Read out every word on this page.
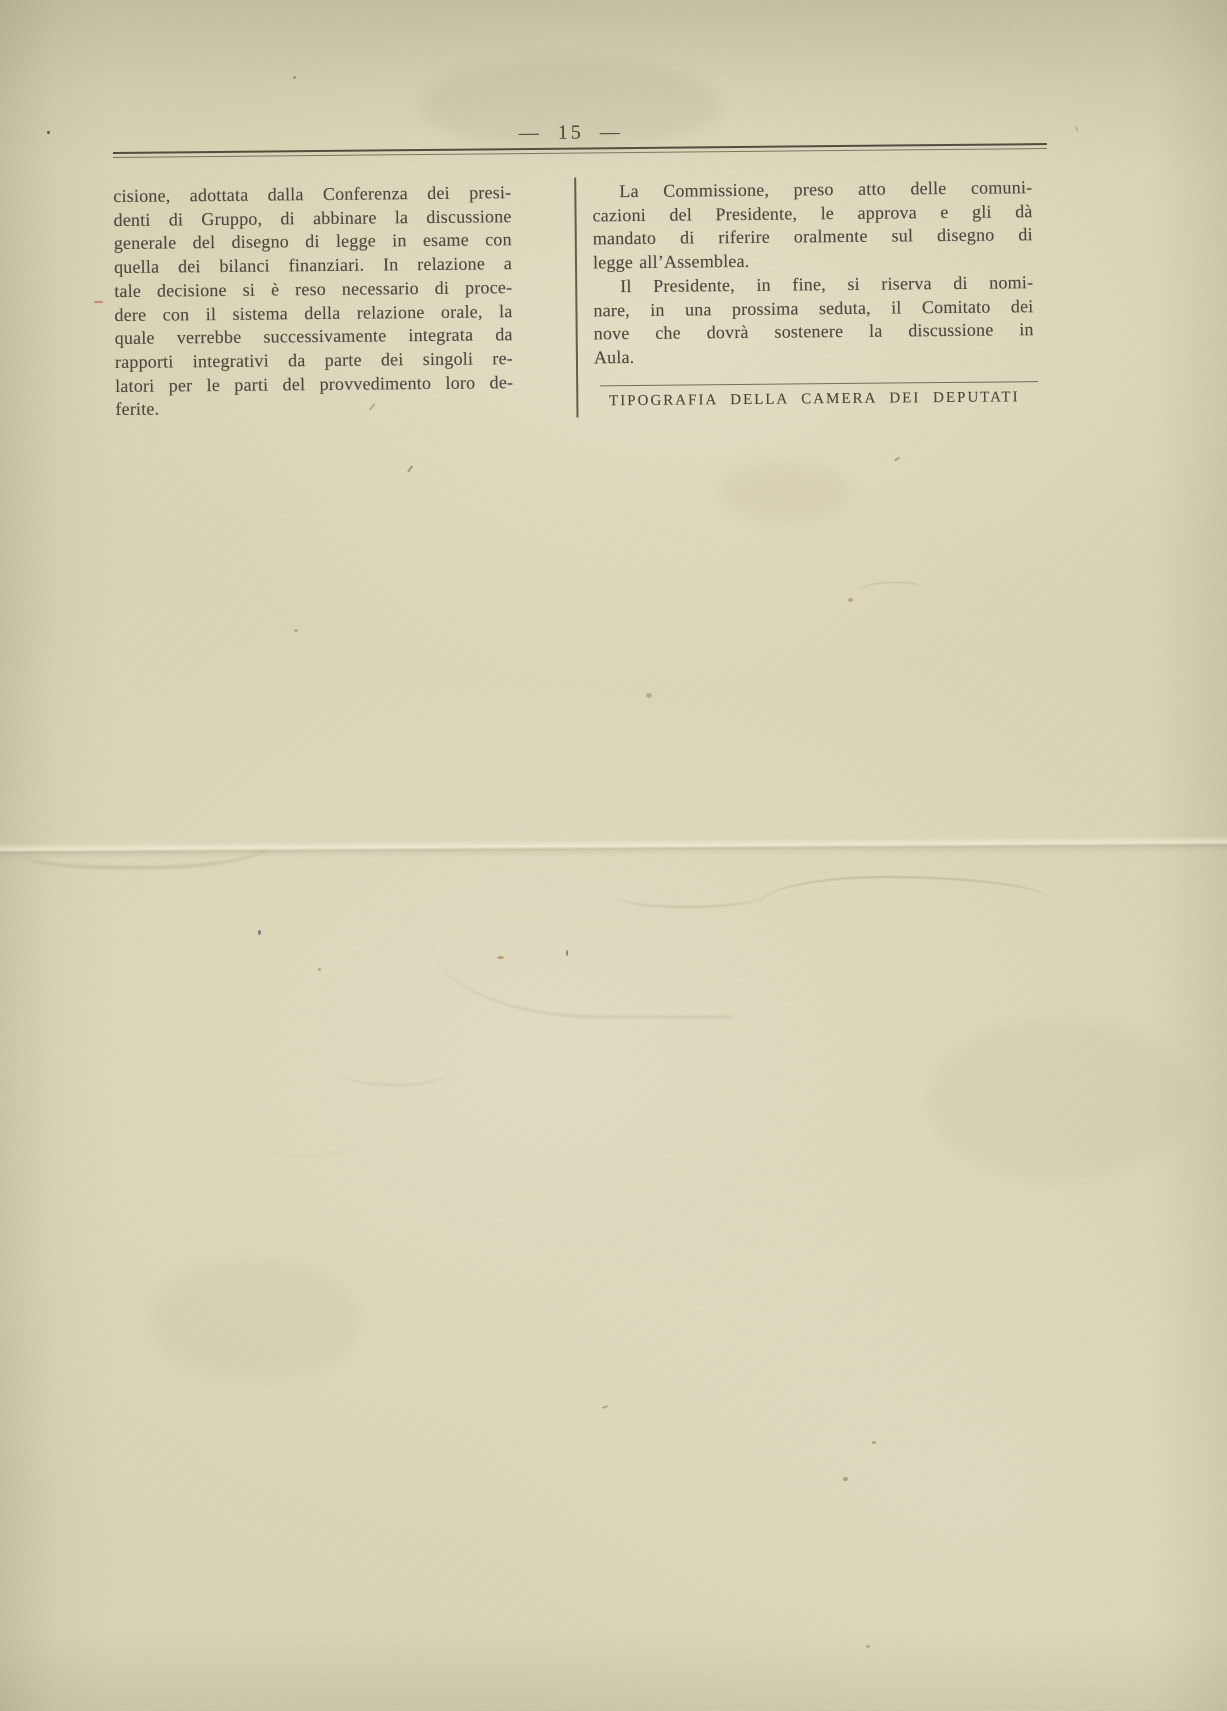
— 15 —
cisione, adottata dalla Conferenza dei presi-
denti di Gruppo, di abbinare la discussione
generale del disegno di legge in esame con
quella dei bilanci finanziari. In relazione a
tale decisione si è reso necessario di proce-
dere con il sistema della relazione orale, la
quale verrebbe successivamente integrata da
rapporti integrativi da parte dei singoli re-
latori per le parti del provvedimento loro de-
ferite.
La Commissione, preso atto delle comuni-
cazioni del Presidente, le approva e gli dà
mandato di riferire oralmente sul disegno di
legge all’Assemblea.
Il Presidente, in fine, si riserva di nomi-
nare, in una prossima seduta, il Comitato dei
nove che dovrà sostenere la discussione in
Aula.
TIPOGRAFIA DELLA CAMERA DEI DEPUTATI
